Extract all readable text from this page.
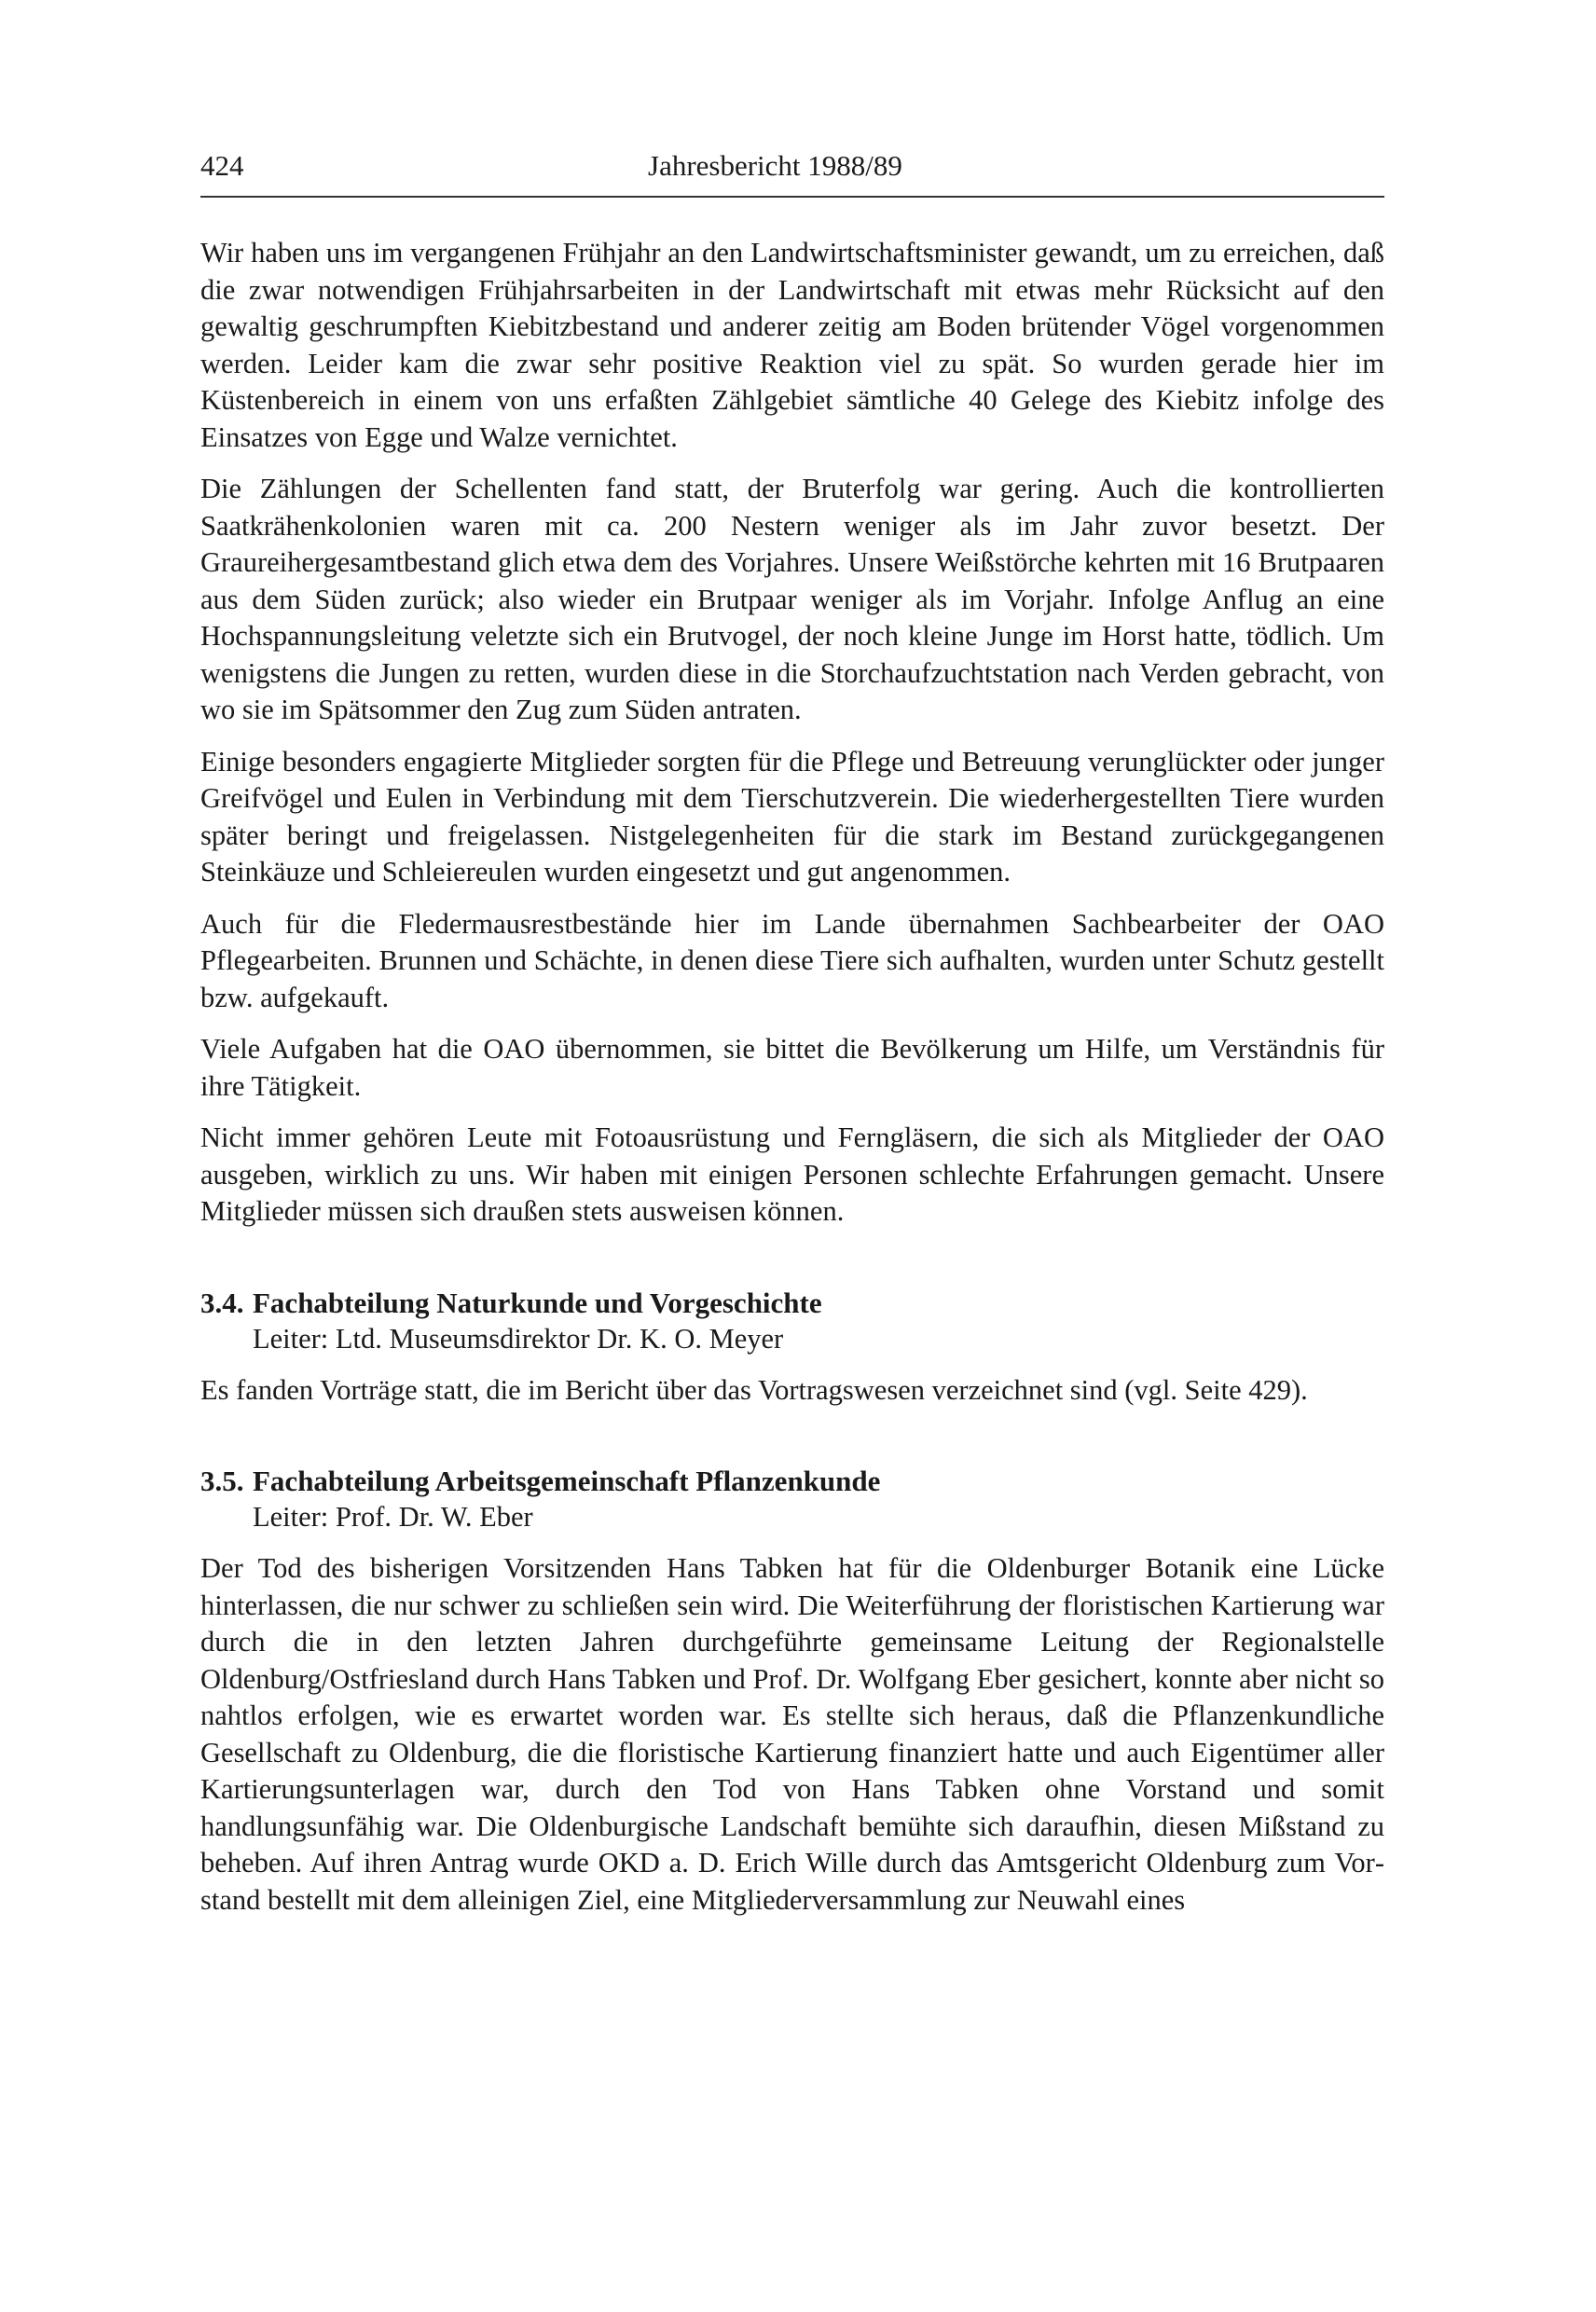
424	Jahresbericht 1988/89

Wir haben uns im vergangenen Frühjahr an den Landwirtschaftsminister gewandt, um zu erreichen, daß die zwar notwendigen Frühjahrsarbeiten in der Landwirtschaft mit etwas mehr Rücksicht auf den gewaltig geschrumpften Kiebitzbestand und anderer zeitig am Boden brütender Vögel vorgenommen werden. Leider kam die zwar sehr positive Reaktion viel zu spät. So wurden gerade hier im Küstenbereich in einem von uns erfaßten Zählgebiet sämtliche 40 Gelege des Kiebitz infolge des Einsatzes von Egge und Walze vernichtet.

Die Zählungen der Schellenten fand statt, der Bruterfolg war gering. Auch die kontrollierten Saatkrähenkolonien waren mit ca. 200 Nestern weniger als im Jahr zuvor besetzt. Der Graureihergesamtbestand glich etwa dem des Vorjahres. Unsere Weißstörche kehrten mit 16 Brutpaaren aus dem Süden zurück; also wieder ein Brutpaar weniger als im Vorjahr. Infolge Anflug an eine Hochspannungsleitung veletzte sich ein Brutvogel, der noch kleine Junge im Horst hatte, tödlich. Um wenigstens die Jungen zu retten, wurden diese in die Storchaufzuchtstation nach Verden gebracht, von wo sie im Spätsommer den Zug zum Süden antraten.

Einige besonders engagierte Mitglieder sorgten für die Pflege und Betreuung verunglückter oder junger Greifvögel und Eulen in Verbindung mit dem Tierschutzverein. Die wiederhergestellten Tiere wurden später beringt und freigelassen. Nistgelegenheiten für die stark im Bestand zurückgegangenen Steinkäuze und Schleiereulen wurden eingesetzt und gut angenommen.

Auch für die Fledermausrestbestände hier im Lande übernahmen Sachbearbeiter der OAO Pflegearbeiten. Brunnen und Schächte, in denen diese Tiere sich aufhalten, wurden unter Schutz gestellt bzw. aufgekauft.

Viele Aufgaben hat die OAO übernommen, sie bittet die Bevölkerung um Hilfe, um Verständnis für ihre Tätigkeit.

Nicht immer gehören Leute mit Fotoausrüstung und Ferngläsern, die sich als Mitglieder der OAO ausgeben, wirklich zu uns. Wir haben mit einigen Personen schlechte Erfahrungen gemacht. Unsere Mitglieder müssen sich draußen stets ausweisen können.

3.4. Fachabteilung Naturkunde und Vorgeschichte
Leiter: Ltd. Museumsdirektor Dr. K. O. Meyer

Es fanden Vorträge statt, die im Bericht über das Vortragswesen verzeichnet sind (vgl. Seite 429).

3.5. Fachabteilung Arbeitsgemeinschaft Pflanzenkunde
Leiter: Prof. Dr. W. Eber

Der Tod des bisherigen Vorsitzenden Hans Tabken hat für die Oldenburger Botanik eine Lücke hinterlassen, die nur schwer zu schließen sein wird. Die Weiterführung der floristischen Kartierung war durch die in den letzten Jahren durchgeführte gemeinsame Leitung der Regionalstelle Oldenburg/Ostfriesland durch Hans Tabken und Prof. Dr. Wolfgang Eber gesichert, konnte aber nicht so nahtlos erfolgen, wie es erwartet worden war. Es stellte sich heraus, daß die Pflanzenkundliche Gesellschaft zu Oldenburg, die die floristische Kartierung finanziert hatte und auch Eigentümer aller Kartierungsunterlagen war, durch den Tod von Hans Tabken ohne Vorstand und somit handlungsunfähig war. Die Oldenburgische Landschaft bemühte sich daraufhin, diesen Mißstand zu beheben. Auf ihren Antrag wurde OKD a. D. Erich Wille durch das Amtsgericht Oldenburg zum Vorstand bestellt mit dem alleinigen Ziel, eine Mitgliederversammlung zur Neuwahl eines
